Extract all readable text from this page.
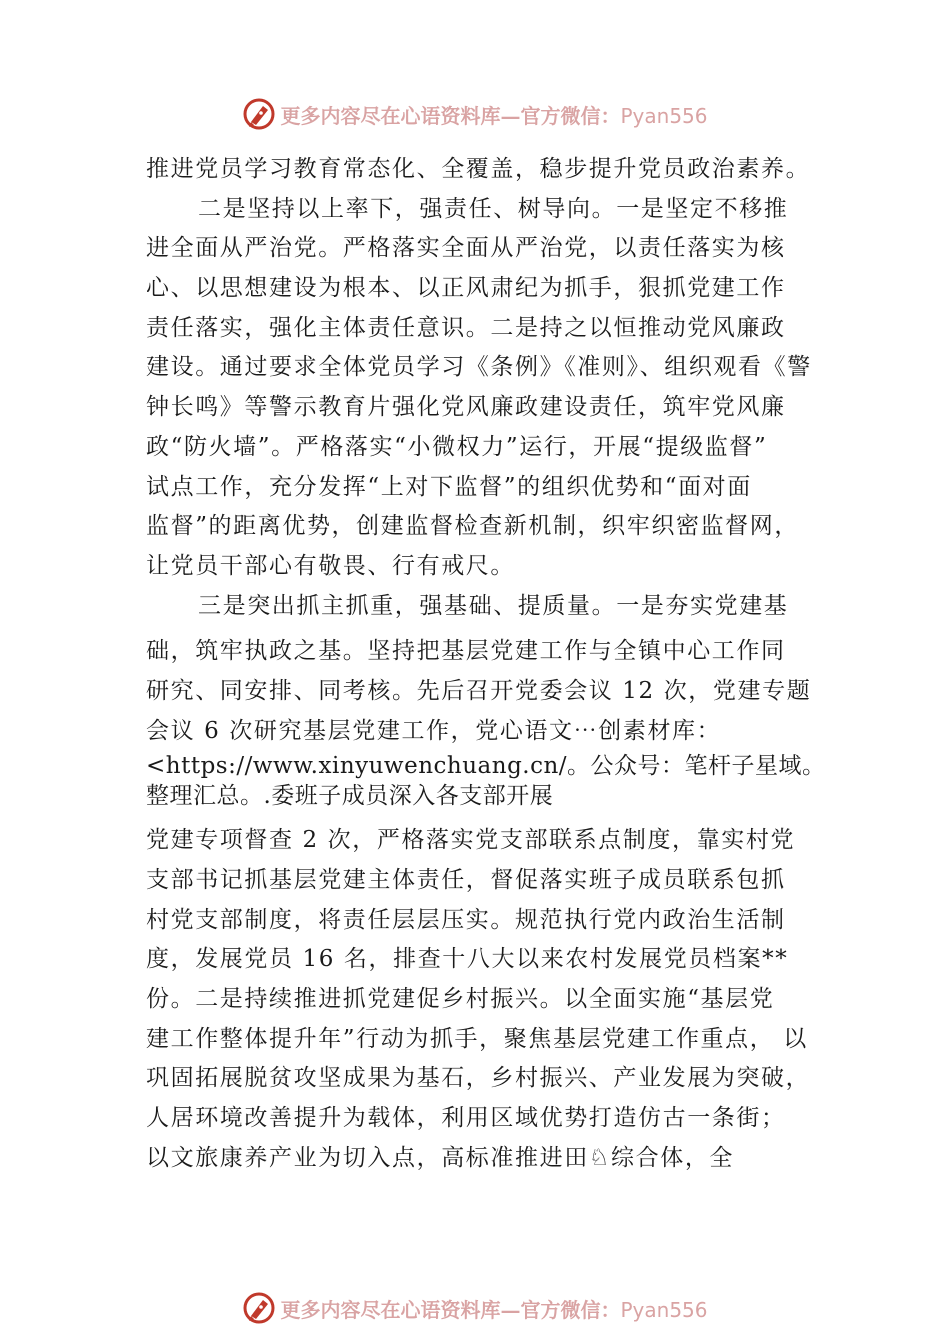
更多内容尽在心语资料库—官方微信：Pyan556
推进党员学习教育常态化、全覆盖，稳步提升党员政治素养。
二是坚持以上率下，强责任、树导向。一是坚定不移推
进全面从严治党。严格落实全面从严治党，以责任落实为核
心、以思想建设为根本、以正风肃纪为抓手，狠抓党建工作
责任落实，强化主体责任意识。二是持之以恒推动党风廉政
建设。通过要求全体党员学习《条例》《准则》、组织观看《警
钟长鸣》等警示教育片强化党风廉政建设责任，筑牢党风廉
政“防火墙”。严格落实“小微权力”运行，开展“提级监督”
试点工作，充分发挥“上对下监督”的组织优势和“面对面
监督”的距离优势，创建监督检查新机制，织牢织密监督网，
让党员干部心有敬畏、行有戒尺。
三是突出抓主抓重，强基础、提质量。一是夯实党建基
础，筑牢执政之基。坚持把基层党建工作与全镇中心工作同
研究、同安排、同考核。先后召开党委会议 12 次，党建专题
会议 6 次研究基层党建工作，党心语文⋯创素材库：
<https://www.xinyuwenchuang.cn/。公众号：笔杆子星域。
整理汇总。.委班子成员深入各支部开展
党建专项督查 2 次，严格落实党支部联系点制度，靠实村党
支部书记抓基层党建主体责任，督促落实班子成员联系包抓
村党支部制度，将责任层层压实。规范执行党内政治生活制
度，发展党员 16 名，排查十八大以来农村发展党员档案**
份。二是持续推进抓党建促乡村振兴。以全面实施“基层党
建工作整体提升年”行动为抓手，聚焦基层党建工作重点， 以
巩固拓展脱贫攻坚成果为基石，乡村振兴、产业发展为突破，
人居环境改善提升为载体，利用区域优势打造仿古一条街；
以文旅康养产业为切入点，高标准推进田♘综合体，全
更多内容尽在心语资料库—官方微信：Pyan556
